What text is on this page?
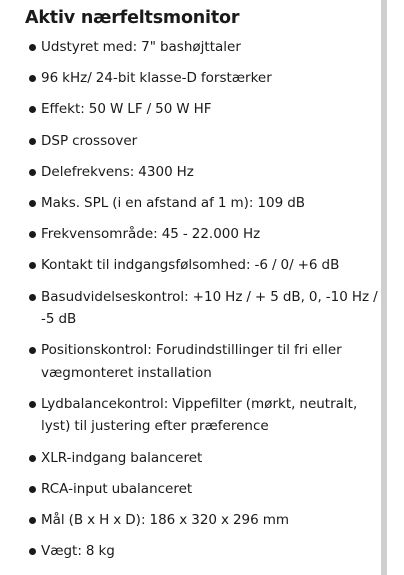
Aktiv nærfeltsmonitor
Udstyret med: 7" bashøjttaler
96 kHz/ 24-bit klasse-D forstærker
Effekt: 50 W LF / 50 W HF
DSP crossover
Delefrekvens: 4300 Hz
Maks. SPL (i en afstand af 1 m): 109 dB
Frekvensområde: 45 - 22.000 Hz
Kontakt til indgangsfølsomhed: -6 / 0/ +6 dB
Basudvidelseskontrol: +10 Hz / + 5 dB, 0, -10 Hz / -5 dB
Positionskontrol: Forudindstillinger til fri eller vægmonteret installation
Lydbalancekontrol: Vippefilter (mørkt, neutralt, lyst) til justering efter præference
XLR-indgang balanceret
RCA-input ubalanceret
Mål (B x H x D): 186 x 320 x 296 mm
Vægt: 8 kg
